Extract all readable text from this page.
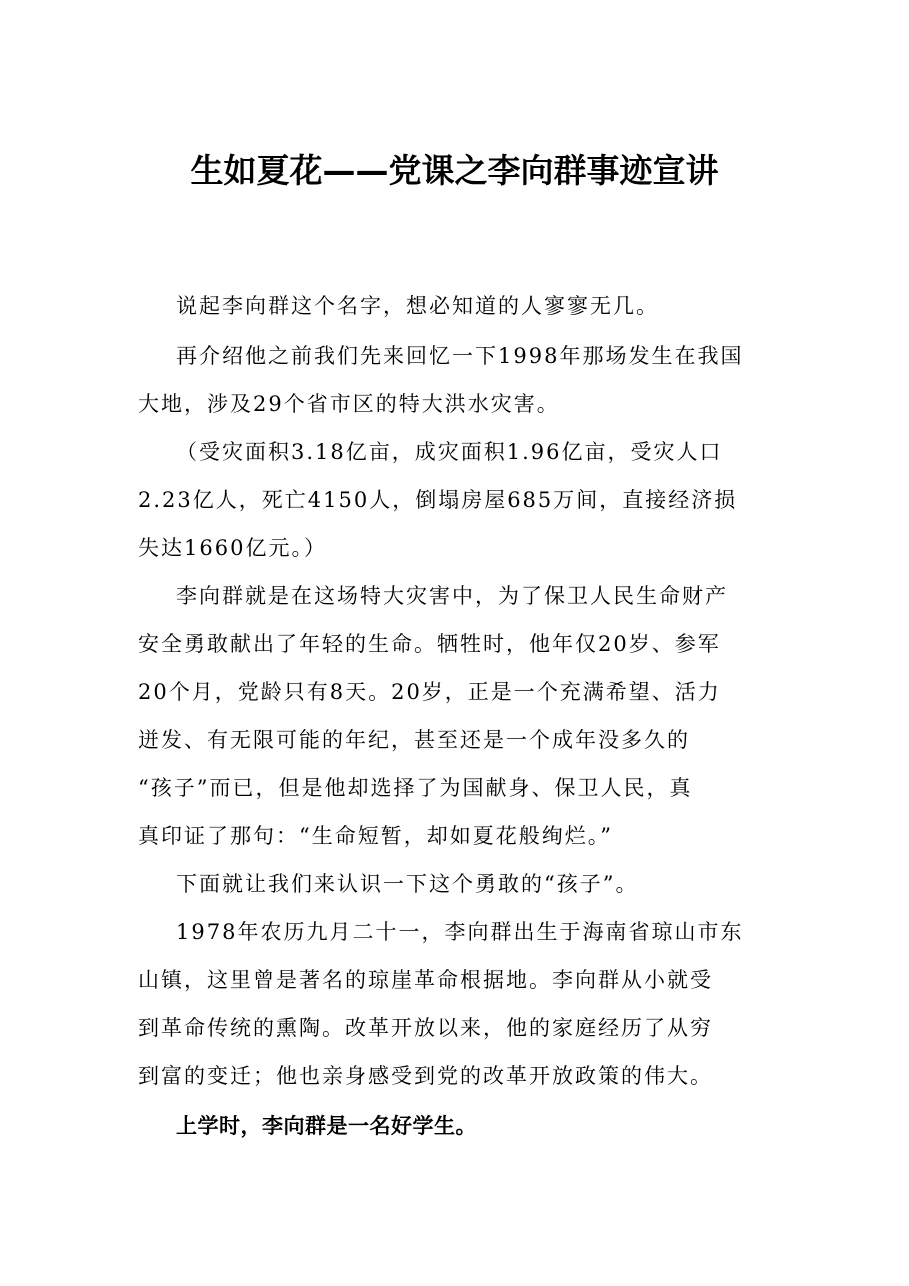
生如夏花——党课之李向群事迹宣讲
说起李向群这个名字，想必知道的人寥寥无几。
再介绍他之前我们先来回忆一下1998年那场发生在我国
大地，涉及29个省市区的特大洪水灾害。
（受灾面积3.18亿亩，成灾面积1.96亿亩，受灾人口
2.23亿人，死亡4150人，倒塌房屋685万间，直接经济损
失达1660亿元。）
李向群就是在这场特大灾害中，为了保卫人民生命财产
安全勇敢献出了年轻的生命。牺牲时，他年仅20岁、参军
20个月，党龄只有8天。20岁，正是一个充满希望、活力
迸发、有无限可能的年纪，甚至还是一个成年没多久的
“孩子”而已，但是他却选择了为国献身、保卫人民，真
真印证了那句：“生命短暂，却如夏花般绚烂。”
下面就让我们来认识一下这个勇敢的“孩子”。
1978年农历九月二十一，李向群出生于海南省琼山市东
山镇，这里曾是著名的琼崖革命根据地。李向群从小就受
到革命传统的熏陶。改革开放以来，他的家庭经历了从穷
到富的变迁；他也亲身感受到党的改革开放政策的伟大。
上学时，李向群是一名好学生。
